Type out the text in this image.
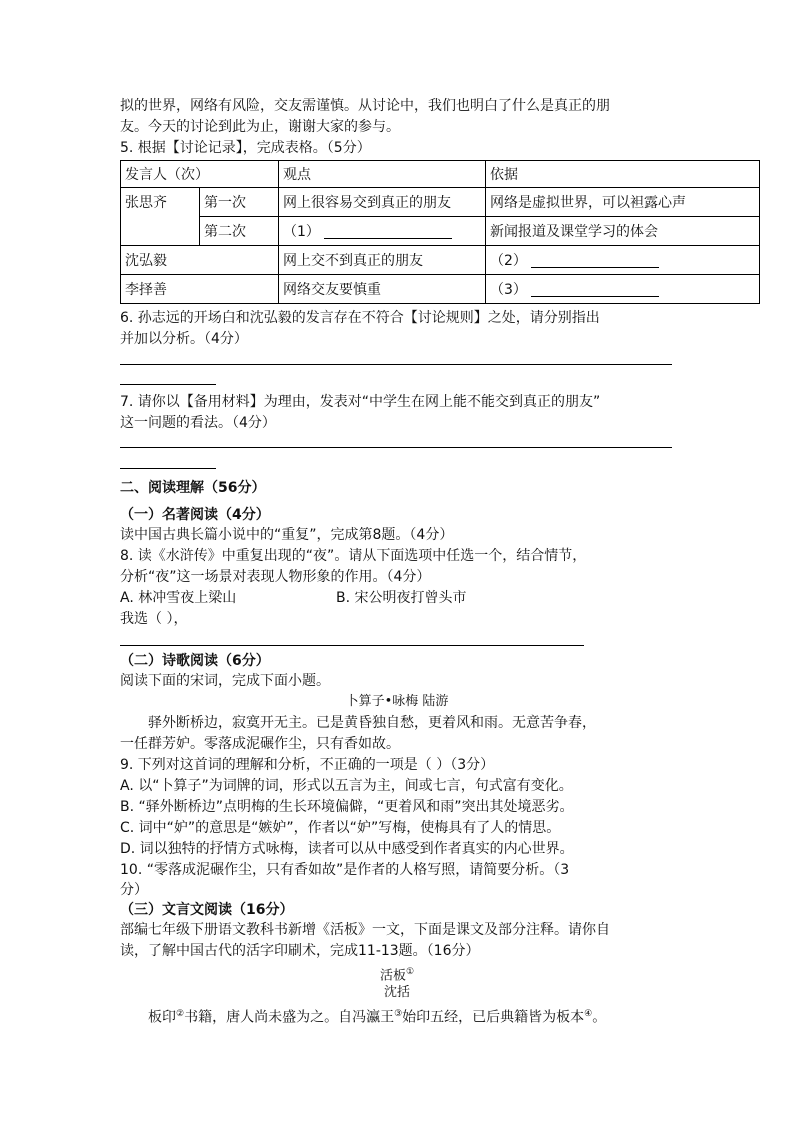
拟的世界，网络有风险，交友需谨慎。从讨论中，我们也明白了什么是真正的朋
友。今天的讨论到此为止，谢谢大家的参与。
5. 根据【讨论记录】，完成表格。（5分）
发言人（次）		观点	依据
张思齐	第一次	网上很容易交到真正的朋友	网络是虚拟世界，可以袒露心声
	第二次	（1）	新闻报道及课堂学习的体会
沈弘毅		网上交不到真正的朋友	（2）
李择善		网络交友要慎重	（3）
6. 孙志远的开场白和沈弘毅的发言存在不符合【讨论规则】之处，请分别指出
并加以分析。（4分）
7. 请你以【备用材料】为理由，发表对“中学生在网上能不能交到真正的朋友”
这一问题的看法。（4分）
二、阅读理解（56分）
（一）名著阅读（4分）
读中国古典长篇小说中的“重复”，完成第8题。（4分）
8. 读《水浒传》中重复出现的“夜”。请从下面选项中任选一个，结合情节，
分析“夜”这一场景对表现人物形象的作用。（4分）
A. 林冲雪夜上梁山	B. 宋公明夜打曾头市
我选（ ），
（二）诗歌阅读（6分）
阅读下面的宋词，完成下面小题。
卜算子•咏梅 陆游
驿外断桥边，寂寞开无主。已是黄昏独自愁，更着风和雨。无意苦争春，
一任群芳妒。零落成泥碾作尘，只有香如故。
9. 下列对这首词的理解和分析，不正确的一项是（ ）（3分）
A. 以“卜算子”为词牌的词，形式以五言为主，间或七言，句式富有变化。
B. “驿外断桥边”点明梅的生长环境偏僻，“更着风和雨”突出其处境恶劣。
C. 词中“妒”的意思是“嫉妒”，作者以“妒”写梅，使梅具有了人的情思。
D. 词以独特的抒情方式咏梅，读者可以从中感受到作者真实的内心世界。
10. “零落成泥碾作尘，只有香如故”是作者的人格写照，请简要分析。（3
分）
（三）文言文阅读（16分）
部编七年级下册语文教科书新增《活板》一文，下面是课文及部分注释。请你自
读，了解中国古代的活字印刷术，完成11-13题。（16分）
活板①
沈括
板印②书籍，唐人尚未盛为之。自冯瀛王③始印五经，已后典籍皆为板本④。
